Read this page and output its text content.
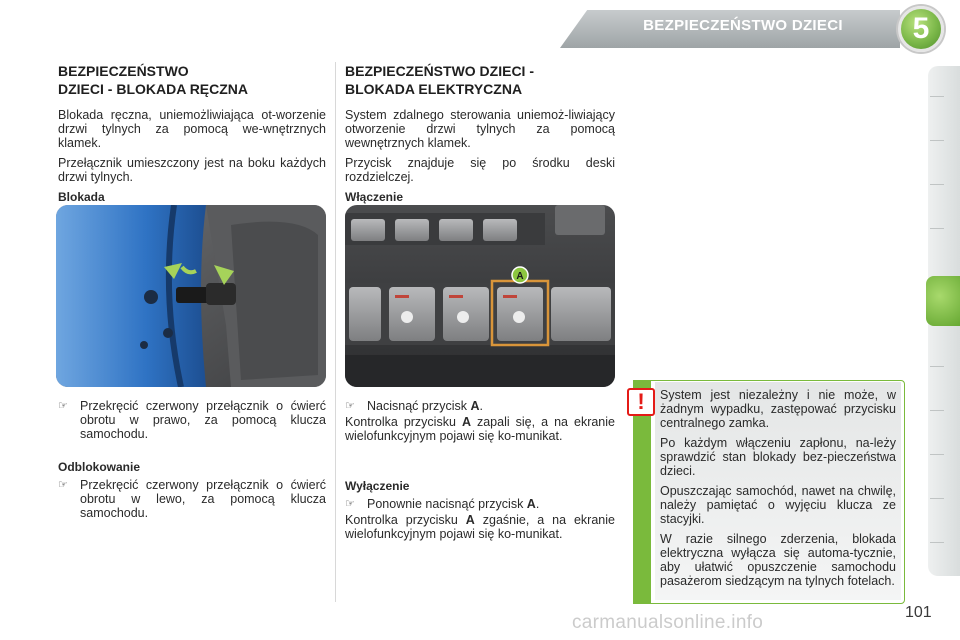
BEZPIECZEŃSTWO DZIECI	5
BEZPIECZEŃSTWO
DZIECI - BLOKADA RĘCZNA

Blokada ręczna, uniemożliwiająca ot-worzenie drzwi tylnych za pomocą we-wnętrznych klamek.

Przełącznik umieszczony jest na boku każdych drzwi tylnych.

Blokada
☞ Przekręcić czerwony przełącznik o ćwierć obrotu w prawo, za pomocą klucza samochodu.
Odblokowanie
☞ Przekręcić czerwony przełącznik o ćwierć obrotu w lewo, za pomocą klucza samochodu.
BEZPIECZEŃSTWO DZIECI -
BLOKADA ELEKTRYCZNA

System zdalnego sterowania uniemoż-liwiający otworzenie drzwi tylnych za pomocą wewnętrznych klamek.

Przycisk znajduje się po środku deski rozdzielczej.

Włączenie
A
☞ Nacisnąć przycisk A.

Kontrolka przycisku A zapali się, a na ekranie wielofunkcyjnym pojawi się ko-munikat.

Wyłączenie
☞ Ponownie nacisnąć przycisk A.

Kontrolka przycisku A zgaśnie, a na ekranie wielofunkcyjnym pojawi się ko-munikat.

!	System jest niezależny i nie może, w żadnym wypadku, zastępować przycisku centralnego zamka.

Po każdym włączeniu zapłonu, na-leży sprawdzić stan blokady bez-pieczeństwa dzieci.

Opuszczając samochód, nawet na chwilę, należy pamiętać o wyjęciu klucza ze stacyjki.

W razie silnego zderzenia, blokada elektryczna wyłącza się automa-tycznie, aby ułatwić opuszczenie samochodu pasażerom siedzącym na tylnych fotelach.

101
carmanualsonline.info
